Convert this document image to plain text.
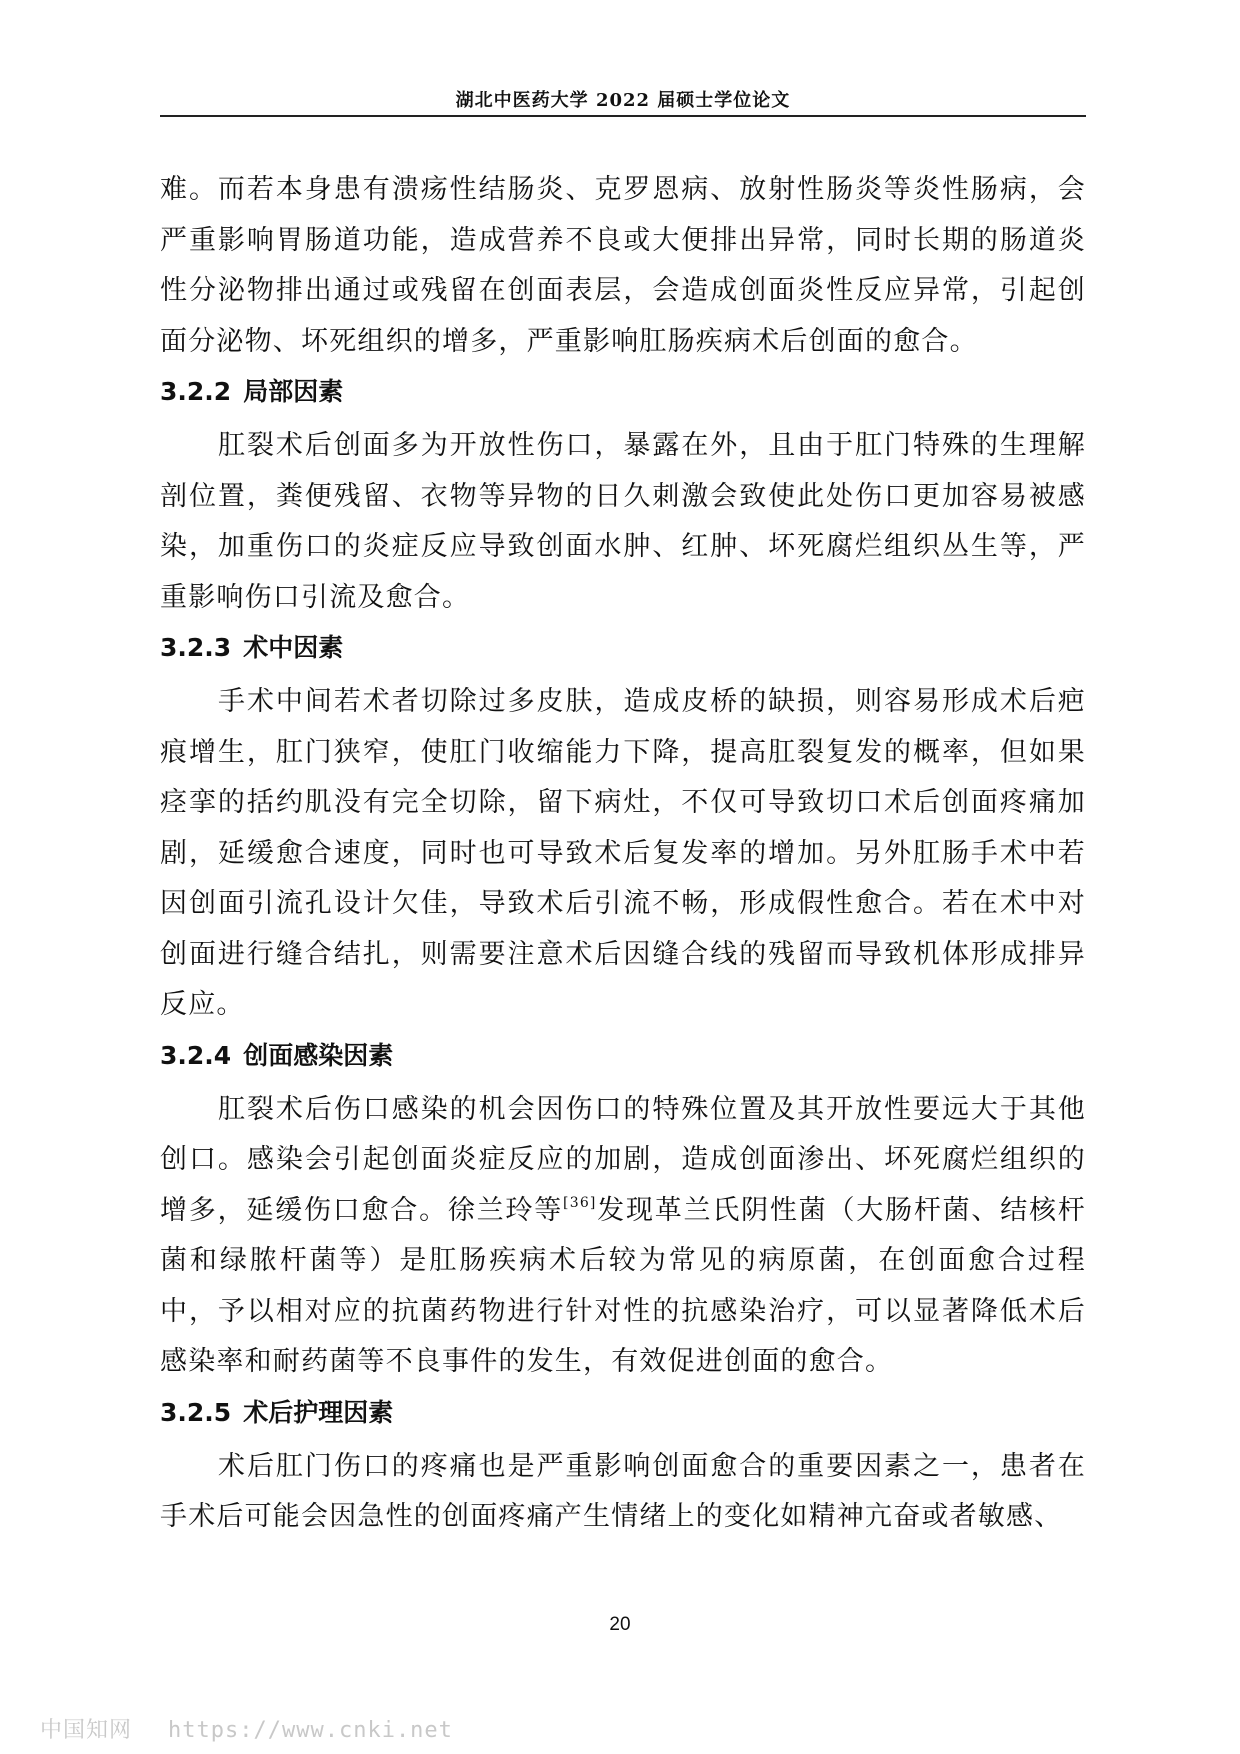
湖北中医药大学 2022 届硕士学位论文

难。而若本身患有溃疡性结肠炎、克罗恩病、放射性肠炎等炎性肠病，会严重影响胃肠道功能，造成营养不良或大便排出异常，同时长期的肠道炎性分泌物排出通过或残留在创面表层，会造成创面炎性反应异常，引起创面分泌物、坏死组织的增多，严重影响肛肠疾病术后创面的愈合。

3.2.2 局部因素

肛裂术后创面多为开放性伤口，暴露在外，且由于肛门特殊的生理解剖位置，粪便残留、衣物等异物的日久刺激会致使此处伤口更加容易被感染，加重伤口的炎症反应导致创面水肿、红肿、坏死腐烂组织丛生等，严重影响伤口引流及愈合。

3.2.3 术中因素

手术中间若术者切除过多皮肤，造成皮桥的缺损，则容易形成术后疤痕增生，肛门狭窄，使肛门收缩能力下降，提高肛裂复发的概率，但如果痉挛的括约肌没有完全切除，留下病灶，不仅可导致切口术后创面疼痛加剧，延缓愈合速度，同时也可导致术后复发率的增加。另外肛肠手术中若因创面引流孔设计欠佳，导致术后引流不畅，形成假性愈合。若在术中对创面进行缝合结扎，则需要注意术后因缝合线的残留而导致机体形成排异反应。

3.2.4 创面感染因素

肛裂术后伤口感染的机会因伤口的特殊位置及其开放性要远大于其他创口。感染会引起创面炎症反应的加剧，造成创面渗出、坏死腐烂组织的增多，延缓伤口愈合。徐兰玲等[36]发现革兰氏阴性菌（大肠杆菌、结核杆菌和绿脓杆菌等）是肛肠疾病术后较为常见的病原菌，在创面愈合过程中，予以相对应的抗菌药物进行针对性的抗感染治疗，可以显著降低术后感染率和耐药菌等不良事件的发生，有效促进创面的愈合。

3.2.5 术后护理因素

术后肛门伤口的疼痛也是严重影响创面愈合的重要因素之一，患者在手术后可能会因急性的创面疼痛产生情绪上的变化如精神亢奋或者敏感、

20
中国知网 https://www.cnki.net
